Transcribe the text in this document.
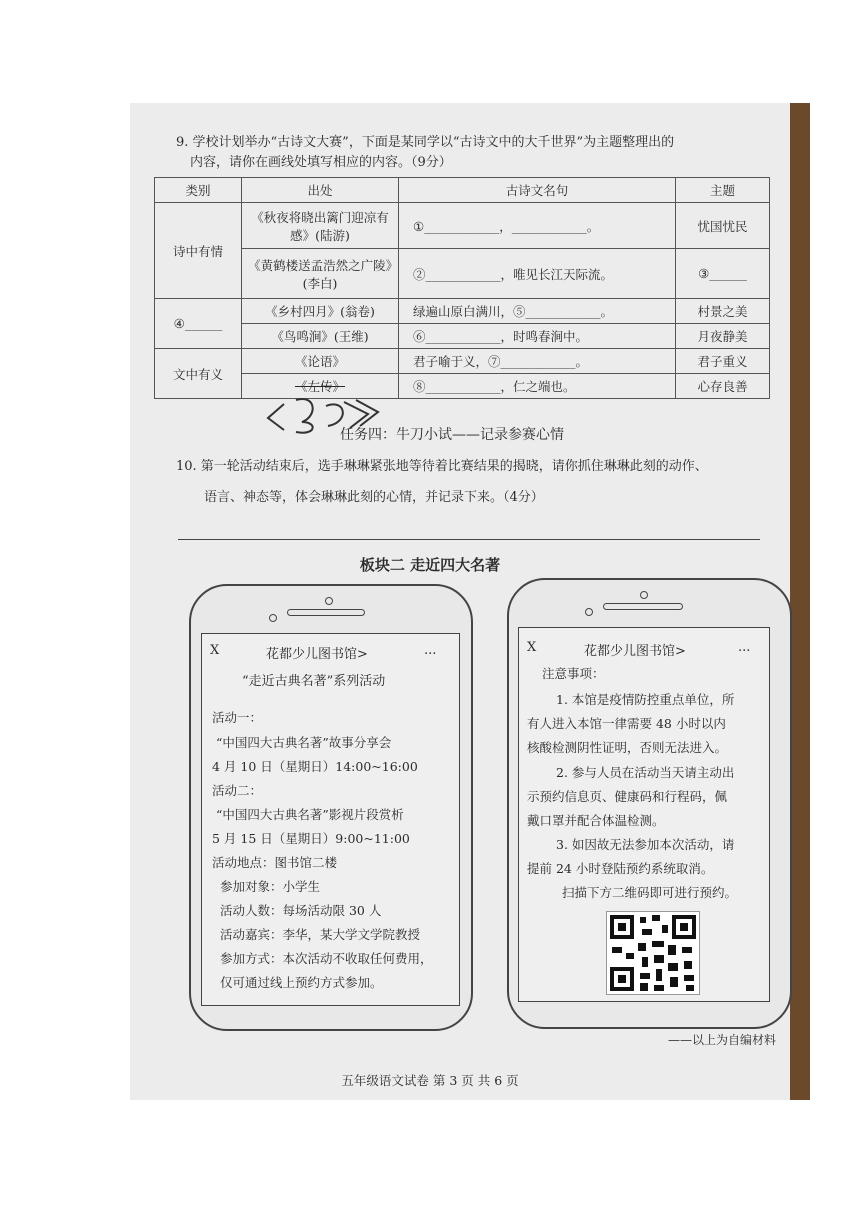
9. 学校计划举办“古诗文大赛”，下面是某同学以“古诗文中的大千世界”为主题整理出的
内容，请你在画线处填写相应的内容。（9分）
类别	出处	古诗文名句	主题
诗中有情	《秋夜将晓出篱门迎凉有感》(陆游)	①____________，____________。	忧国忧民
	《黄鹤楼送孟浩然之广陵》(李白)	②____________，唯见长江天际流。	③______
④______	《乡村四月》(翁卷)	绿遍山原白满川，⑤____________。	村景之美
	《鸟鸣涧》(王维)	⑥____________，时鸣春涧中。	月夜静美
文中有义	《论语》	君子喻于义，⑦____________。	君子重义
	《左传》	⑧____________，仁之端也。	心存良善
任务四：牛刀小试——记录参赛心情
10. 第一轮活动结束后，选手琳琳紧张地等待着比赛结果的揭晓，请你抓住琳琳此刻的动作、
语言、神态等，体会琳琳此刻的心情，并记录下来。（4分）
板块二 走近四大名著
X	花都少儿图书馆>	...
“走近古典名著”系列活动
活动一：
“中国四大古典名著”故事分享会
4 月 10 日（星期日）14:00~16:00
活动二：
“中国四大古典名著”影视片段赏析
5 月 15 日（星期日）9:00~11:00
活动地点：图书馆二楼
参加对象：小学生
活动人数：每场活动限 30 人
活动嘉宾：李华，某大学文学院教授
参加方式：本次活动不收取任何费用，
仅可通过线上预约方式参加。
X	花都少儿图书馆>	...
注意事项：
1. 本馆是疫情防控重点单位，所
有人进入本馆一律需要 48 小时以内
核酸检测阴性证明，否则无法进入。
2. 参与人员在活动当天请主动出
示预约信息页、健康码和行程码，佩
戴口罩并配合体温检测。
3. 如因故无法参加本次活动，请
提前 24 小时登陆预约系统取消。
扫描下方二维码即可进行预约。
——以上为自编材料
五年级语文试卷 第 3 页 共 6 页
